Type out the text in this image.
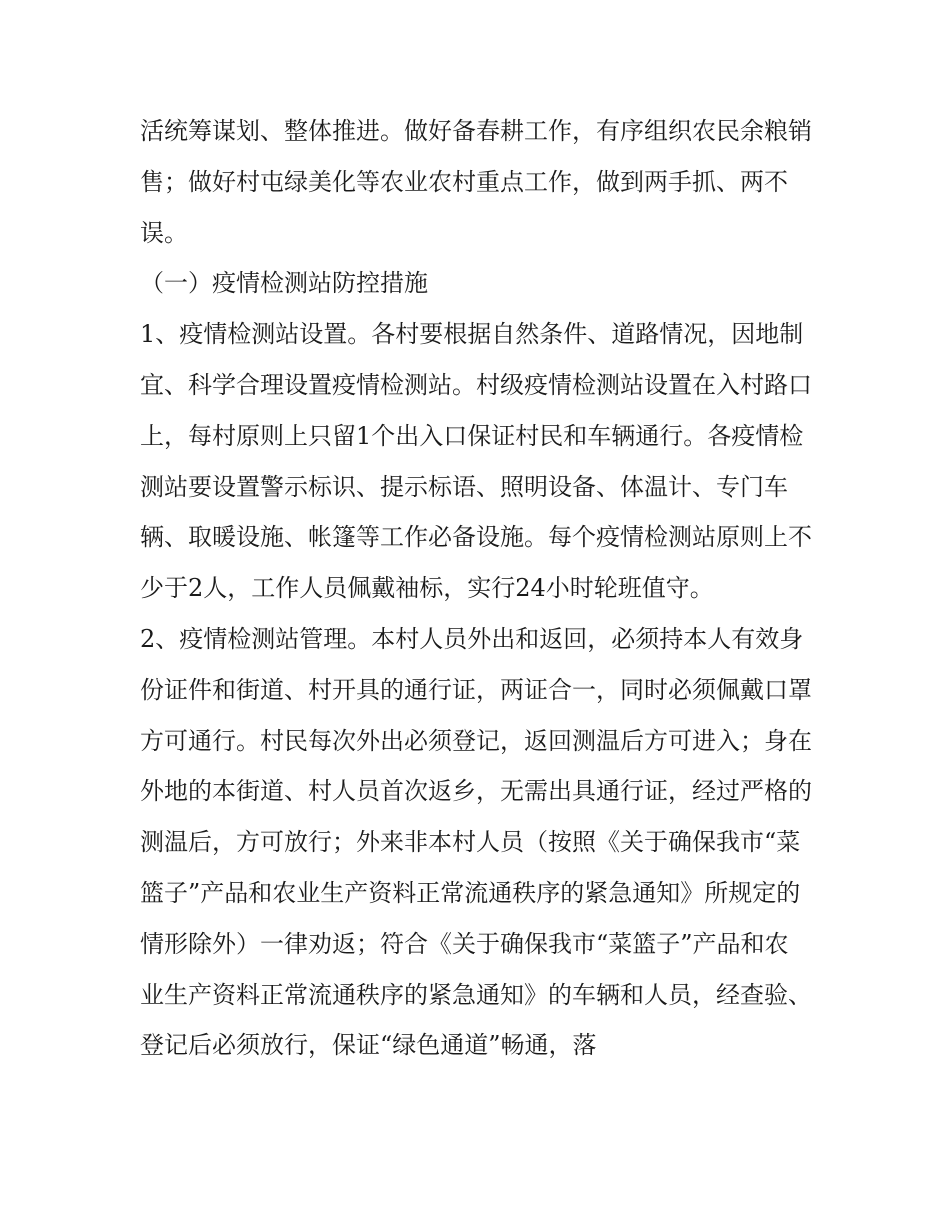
活统筹谋划、整体推进。做好备春耕工作，有序组织农民余粮销售；做好村屯绿美化等农业农村重点工作，做到两手抓、两不误。

（一）疫情检测站防控措施

1、疫情检测站设置。各村要根据自然条件、道路情况，因地制宜、科学合理设置疫情检测站。村级疫情检测站设置在入村路口上，每村原则上只留1个出入口保证村民和车辆通行。各疫情检测站要设置警示标识、提示标语、照明设备、体温计、专门车辆、取暖设施、帐篷等工作必备设施。每个疫情检测站原则上不少于2人，工作人员佩戴袖标，实行24小时轮班值守。

2、疫情检测站管理。本村人员外出和返回，必须持本人有效身份证件和街道、村开具的通行证，两证合一，同时必须佩戴口罩方可通行。村民每次外出必须登记，返回测温后方可进入；身在外地的本街道、村人员首次返乡，无需出具通行证，经过严格的测温后，方可放行；外来非本村人员（按照《关于确保我市“菜篮子”产品和农业生产资料正常流通秩序的紧急通知》所规定的情形除外）一律劝返；符合《关于确保我市“菜篮子”产品和农业生产资料正常流通秩序的紧急通知》的车辆和人员，经查验、登记后必须放行，保证“绿色通道”畅通，落
